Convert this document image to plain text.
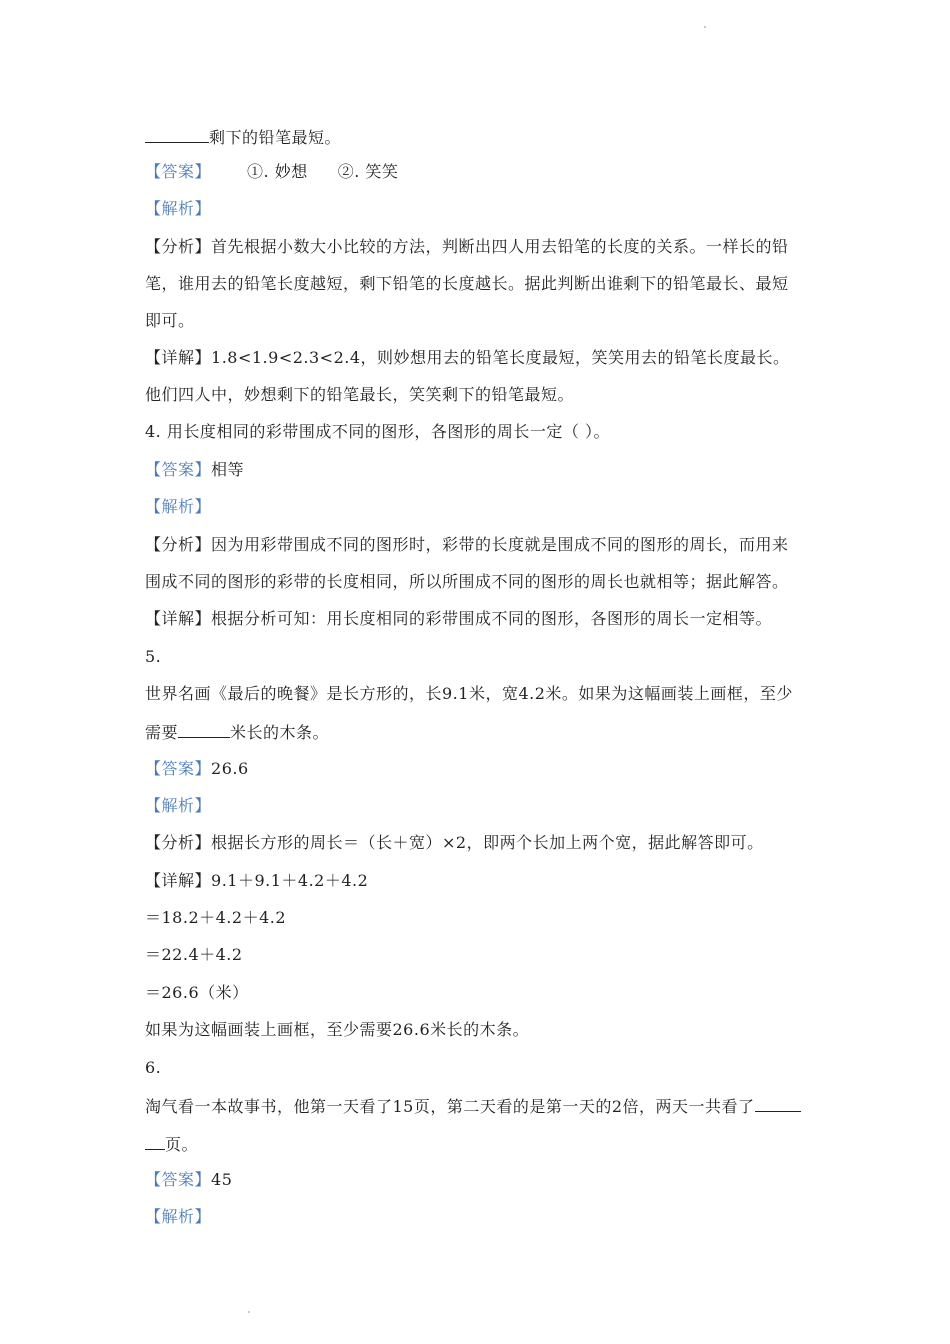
剩下的铅笔最短。
【答案】 ①. 妙想 ②. 笑笑
【解析】
【分析】首先根据小数大小比较的方法，判断出四人用去铅笔的长度的关系。一样长的铅
笔，谁用去的铅笔长度越短，剩下铅笔的长度越长。据此判断出谁剩下的铅笔最长、最短
即可。
【详解】1.8<1.9<2.3<2.4，则妙想用去的铅笔长度最短，笑笑用去的铅笔长度最长。
他们四人中，妙想剩下的铅笔最长，笑笑剩下的铅笔最短。
4. 用长度相同的彩带围成不同的图形，各图形的周长一定（ ）。
【答案】相等
【解析】
【分析】因为用彩带围成不同的图形时，彩带的长度就是围成不同的图形的周长，而用来
围成不同的图形的彩带的长度相同，所以所围成不同的图形的周长也就相等；据此解答。
【详解】根据分析可知：用长度相同的彩带围成不同的图形，各图形的周长一定相等。
5.
世界名画《最后的晚餐》是长方形的，长9.1米，宽4.2米。如果为这幅画装上画框，至少
需要	米长的木条。
【答案】26.6
【解析】
【分析】根据长方形的周长＝（长＋宽）×2，即两个长加上两个宽，据此解答即可。
【详解】9.1＋9.1＋4.2＋4.2
＝18.2＋4.2＋4.2
＝22.4＋4.2
＝26.6（米）
如果为这幅画装上画框，至少需要26.6米长的木条。
6.
淘气看一本故事书，他第一天看了15页，第二天看的是第一天的2倍，两天一共看了
页。
【答案】45
【解析】
